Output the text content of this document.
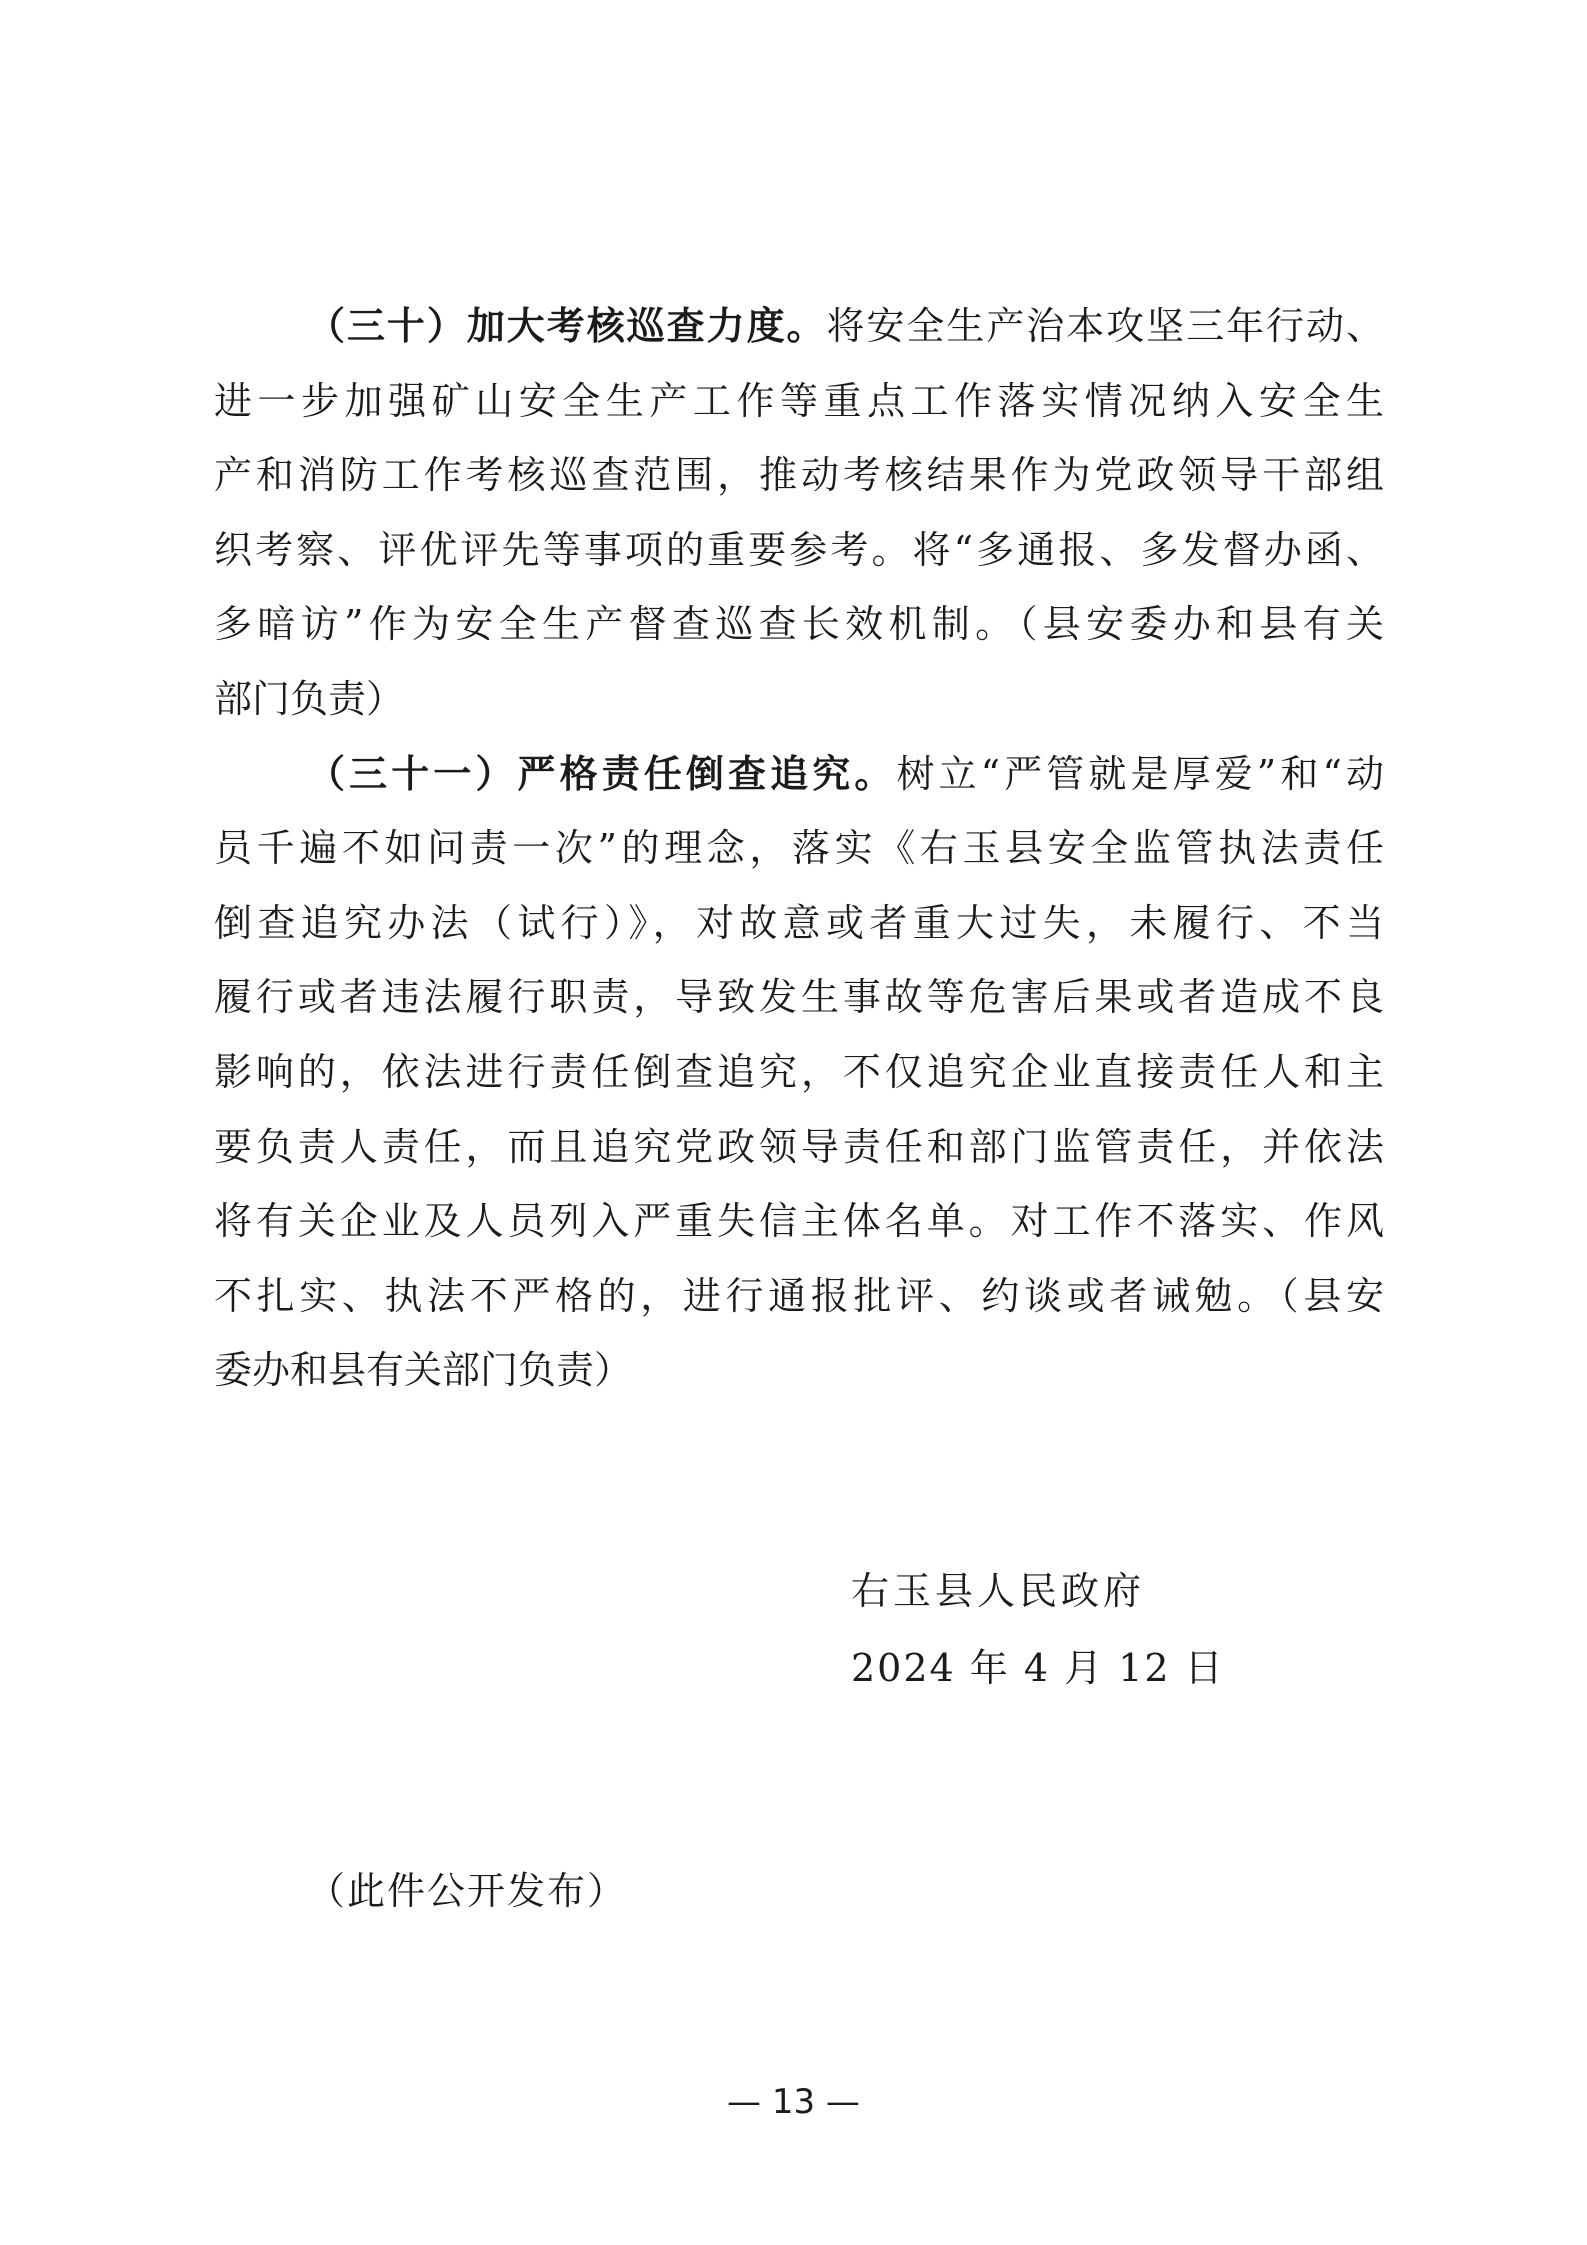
（三十）加大考核巡查力度。将安全生产治本攻坚三年行动、
进一步加强矿山安全生产工作等重点工作落实情况纳入安全生
产和消防工作考核巡查范围，推动考核结果作为党政领导干部组
织考察、评优评先等事项的重要参考。将“多通报、多发督办函、
多暗访”作为安全生产督查巡查长效机制。（县安委办和县有关
部门负责）
（三十一）严格责任倒查追究。树立“严管就是厚爱”和“动
员千遍不如问责一次”的理念，落实《右玉县安全监管执法责任
倒查追究办法（试行）》，对故意或者重大过失，未履行、不当
履行或者违法履行职责，导致发生事故等危害后果或者造成不良
影响的，依法进行责任倒查追究，不仅追究企业直接责任人和主
要负责人责任，而且追究党政领导责任和部门监管责任，并依法
将有关企业及人员列入严重失信主体名单。对工作不落实、作风
不扎实、执法不严格的，进行通报批评、约谈或者诫勉。（县安
委办和县有关部门负责）
右玉县人民政府
2024 年 4 月 12 日
（此件公开发布）
— 13 —
